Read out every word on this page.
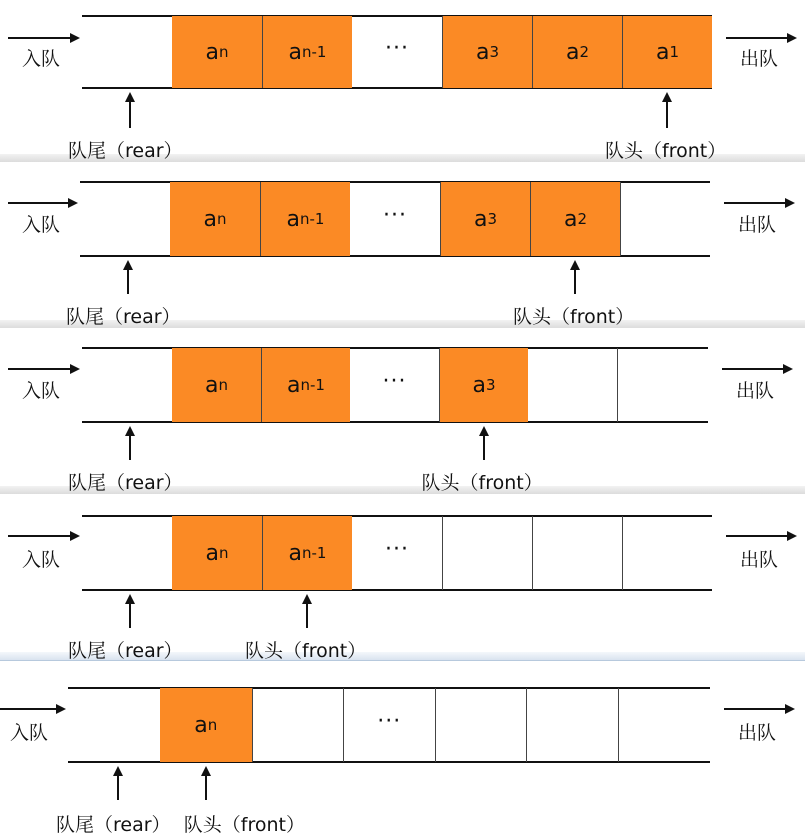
a n	a n-1	···	a 3	a 2	a 1
入队	出队
队尾（rear）	队头（front）
a n	a n-1	···	a 3	a 2
入队	出队
队尾（rear）	队头（front）
a n	a n-1	···	a 3
入队	出队
队尾（rear）	队头（front）
a n	a n-1	···
入队	出队
队尾（rear）	队头（front）
a n	···
入队	出队
队尾（rear） 队头（front）
